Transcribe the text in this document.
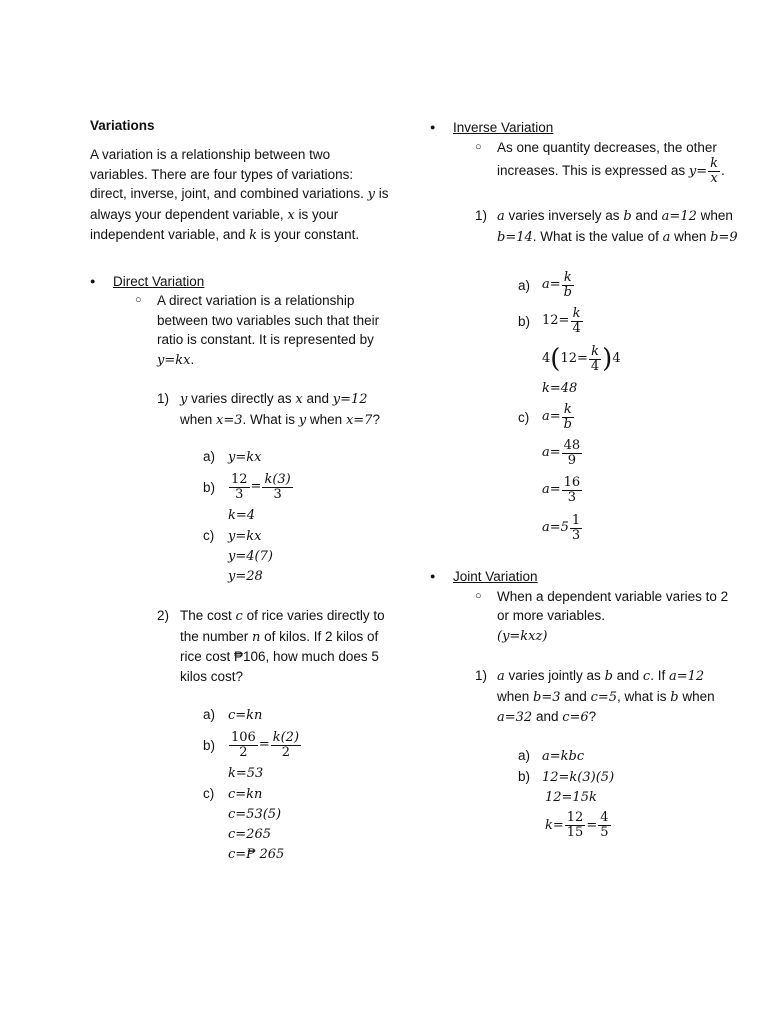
Variations

A variation is a relationship between two variables. There are four types of variations: direct, inverse, joint, and combined variations. y is always your dependent variable, x is your independent variable, and k is your constant.

● Direct Variation
○ A direct variation is a relationship between two variables such that their ratio is constant. It is represented by y=kx.
1) y varies directly as x and y=12 when x=3. What is y when x=7?
a) y=kx
$b) \frac{12}{3} = \frac{k(3)}{3}$
k=4
c) y=kx
y=4(7)
y=28
2) The cost c of rice varies directly to the number n of kilos. If 2 kilos of rice cost ₱106, how much does 5 kilos cost?
a) c=kn
$b) \frac{106}{2} = \frac{k(2)}{2}$
k=53
c) c=kn
c=53(5)
c=265
c=₱ 265
● Inverse Variation
○ As one quantity decreases, the other increases. This is expressed as $y= \frac{k}{x}$ .
1) a varies inversely as b and a=12 when b=14. What is the value of a when b=9
a) $a= \frac{k}{b}$
b) $12= \frac{k}{4}$
4 ( $12= \frac{k}{4}$ ) 4
k=48
c) $a= \frac{k}{b}$
$a= \frac{48}{9}$
$a= \frac{16}{3}$
$a=5 \frac{1}{3}$
● Joint Variation
○ When a dependent variable varies to 2 or more variables.
(y=kxz)
1) a varies jointly as b and c. If a=12 when b=3 and c=5, what is b when a=32 and c=6?
a) a=kbc
b) 12=k(3)(5)
12=15k
$k= \frac{12}{15} = \frac{4}{5}$
